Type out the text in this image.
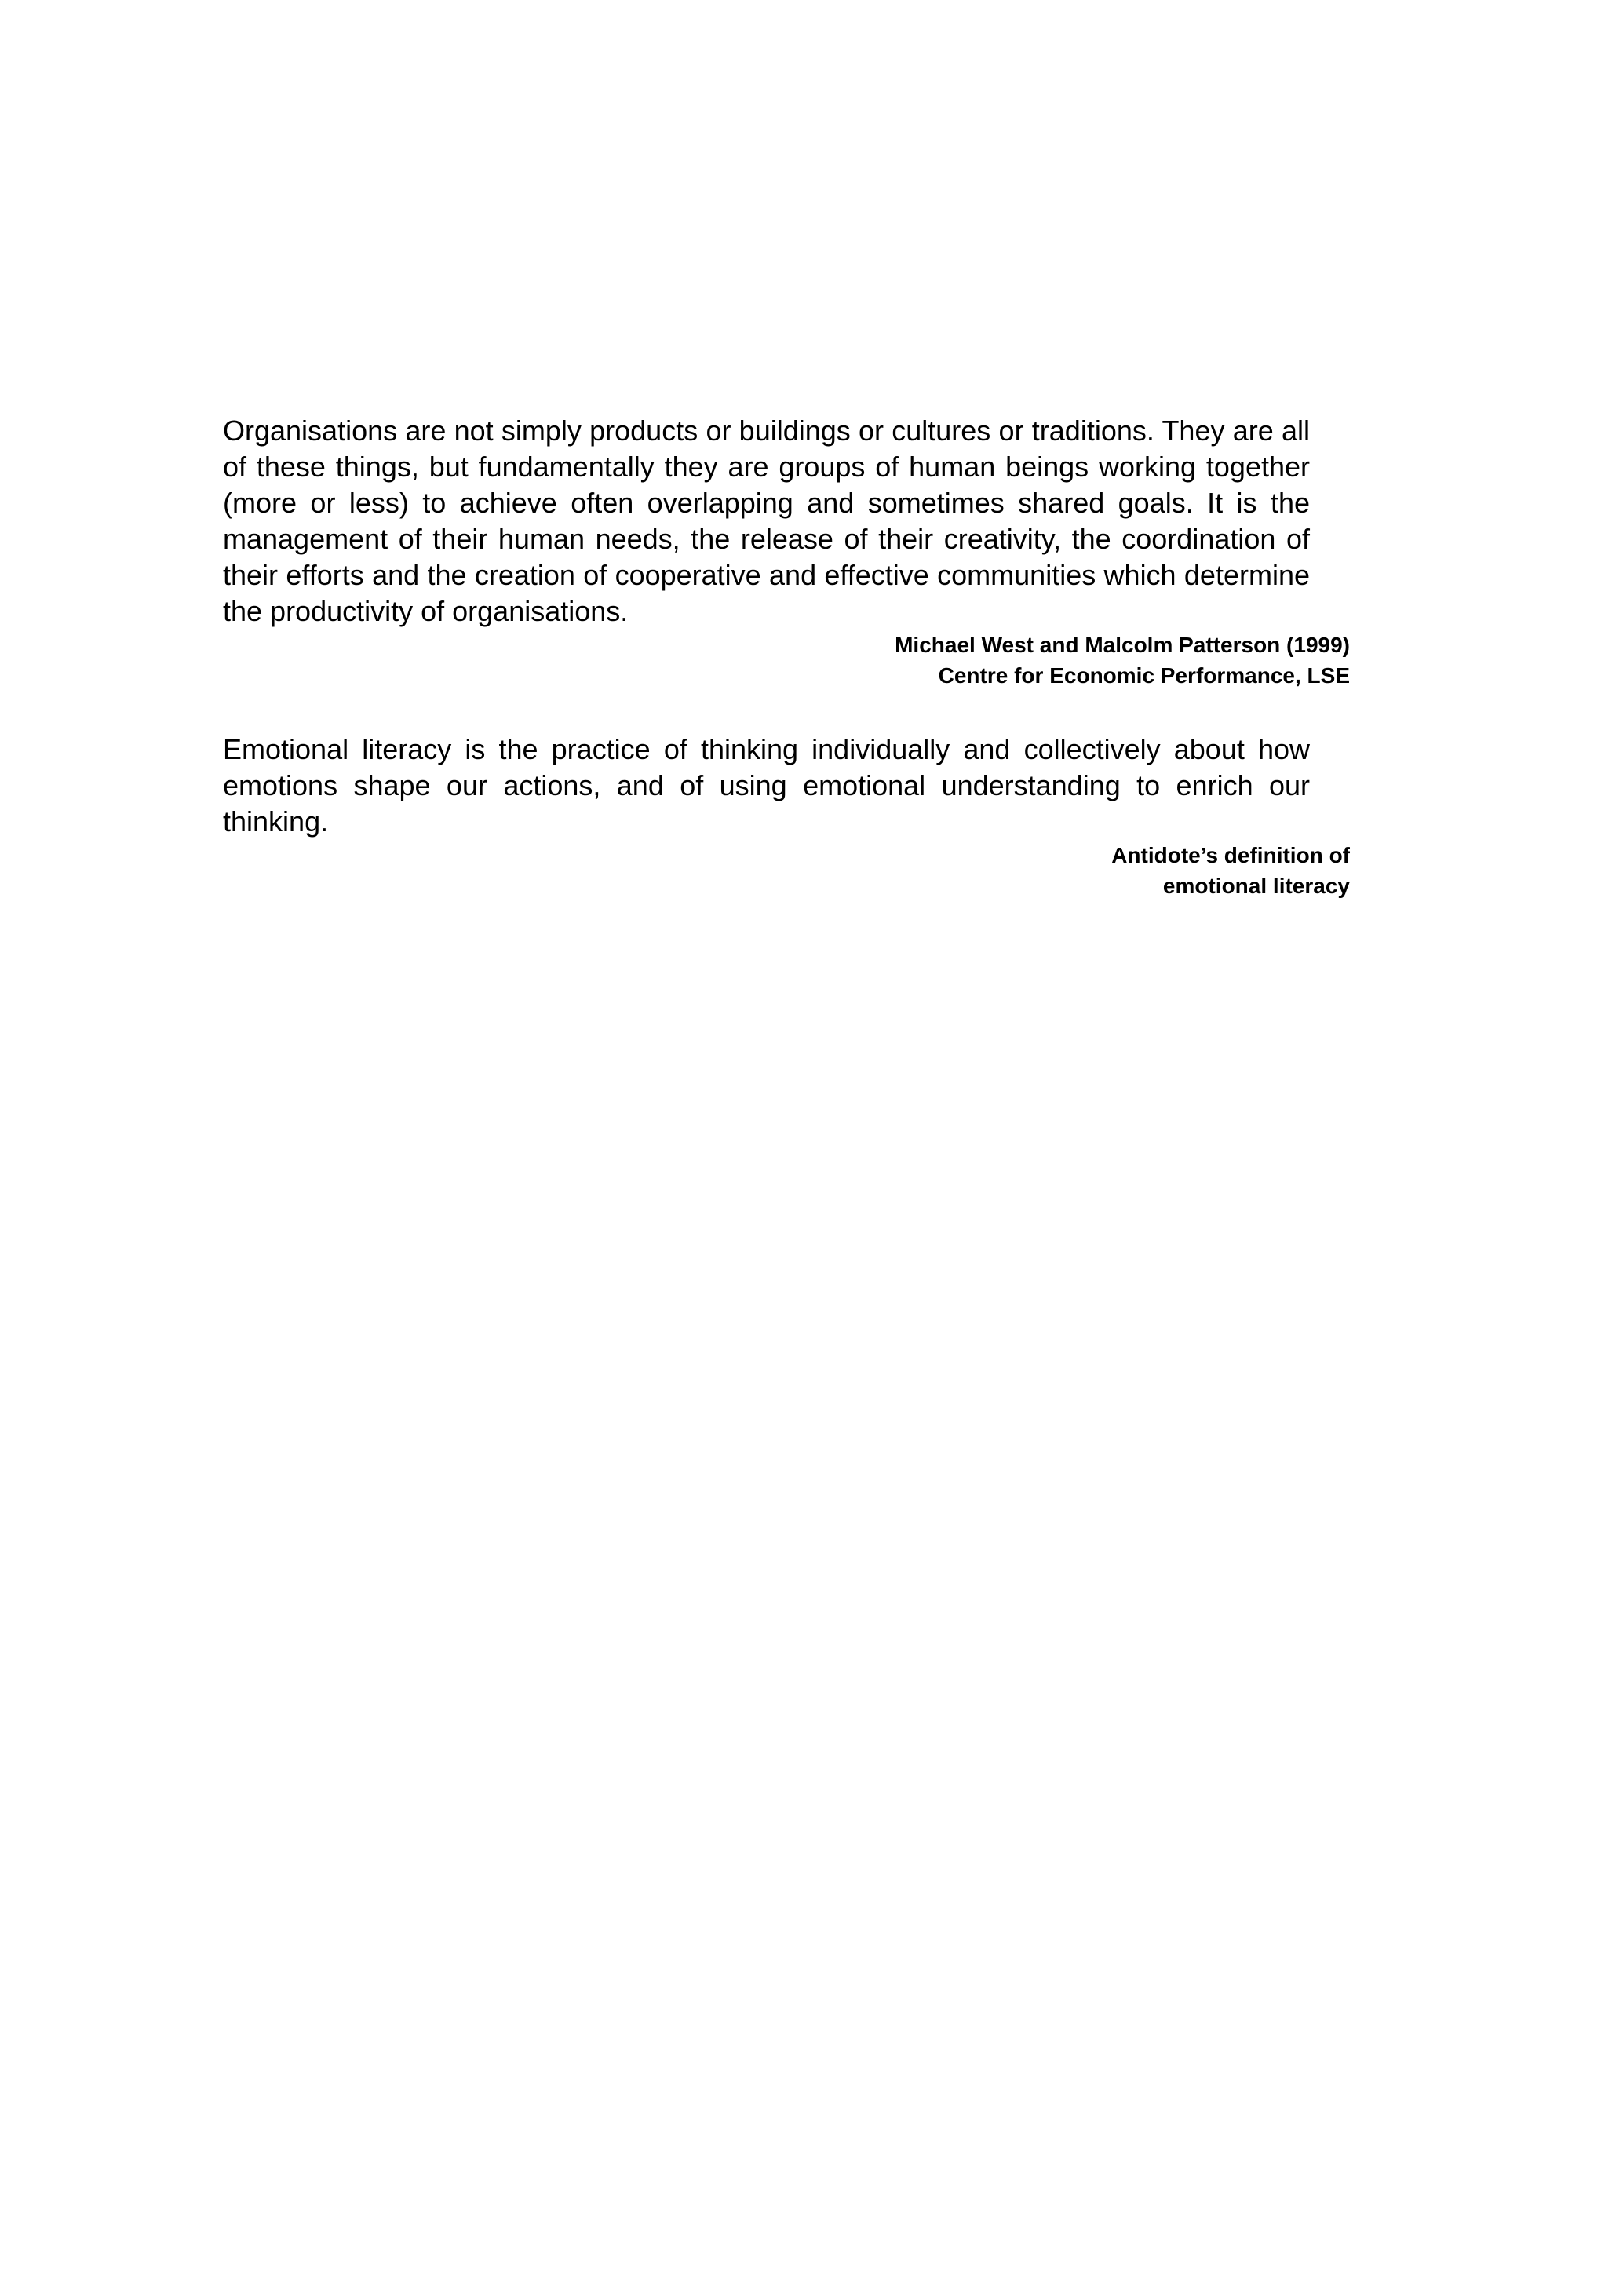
Organisations are not simply products or buildings or cultures or traditions. They are all of these things, but fundamentally they are groups of human beings working together (more or less) to achieve often overlapping and sometimes shared goals. It is the management of their human needs, the release of their creativity, the coordination of their efforts and the creation of cooperative and effective communities which determine the productivity of organisations.

Michael West and Malcolm Patterson (1999)
Centre for Economic Performance, LSE

Emotional literacy is the practice of thinking individually and collectively about how emotions shape our actions, and of using emotional understanding to enrich our thinking.

Antidote’s definition of
emotional literacy
